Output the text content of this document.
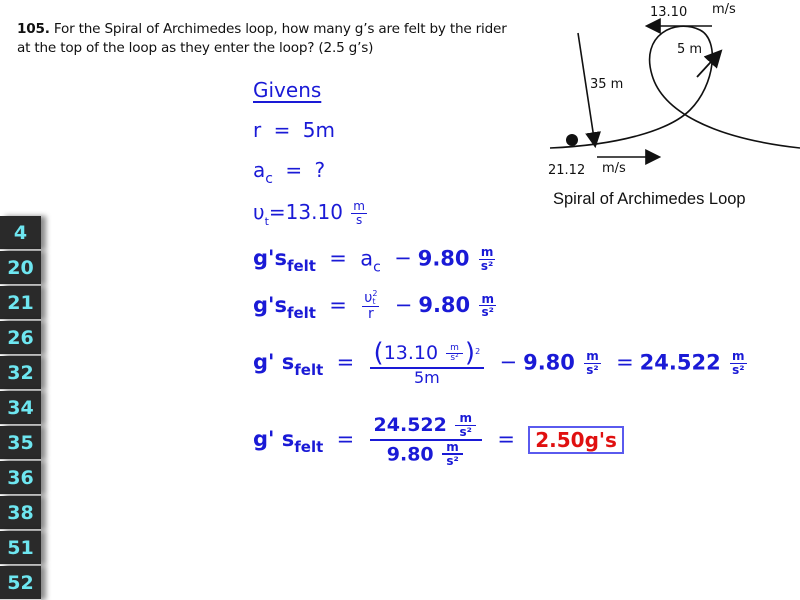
105. For the Spiral of Archimedes loop, how many g’s are felt by the rider at the top of the loop as they enter the loop? (2.5 g’s)
Givens
r = 5m
$a_c$ = ?
$\upsilon_t=13.10 \frac{m}{s}$
$g's_{felt} = a_c - 9.80 \frac{m}{\text{s²}}$
$g's_{felt} = \upsilon$ 2
t
$r - 9.80 \frac{m}{\text{s²}}$
g' $s_{felt} = \frac{(13.10 \frac{m}{\text{s²}} )^2}{5m} - 9.80 \frac{m}{\text{s²}} = 24.522 \frac{m}{\text{s²}}$
g' $s_{felt} = \frac{24.522 \frac{m}{\text{s²}}}{9.80 \frac{m}{\text{s²}}} = 2.50g's$
4
20
21
26
32
34
35
36
38
51
52
13.10 m/s
5 m
35 m
21.12 m/s
Spiral of Archimedes Loop
